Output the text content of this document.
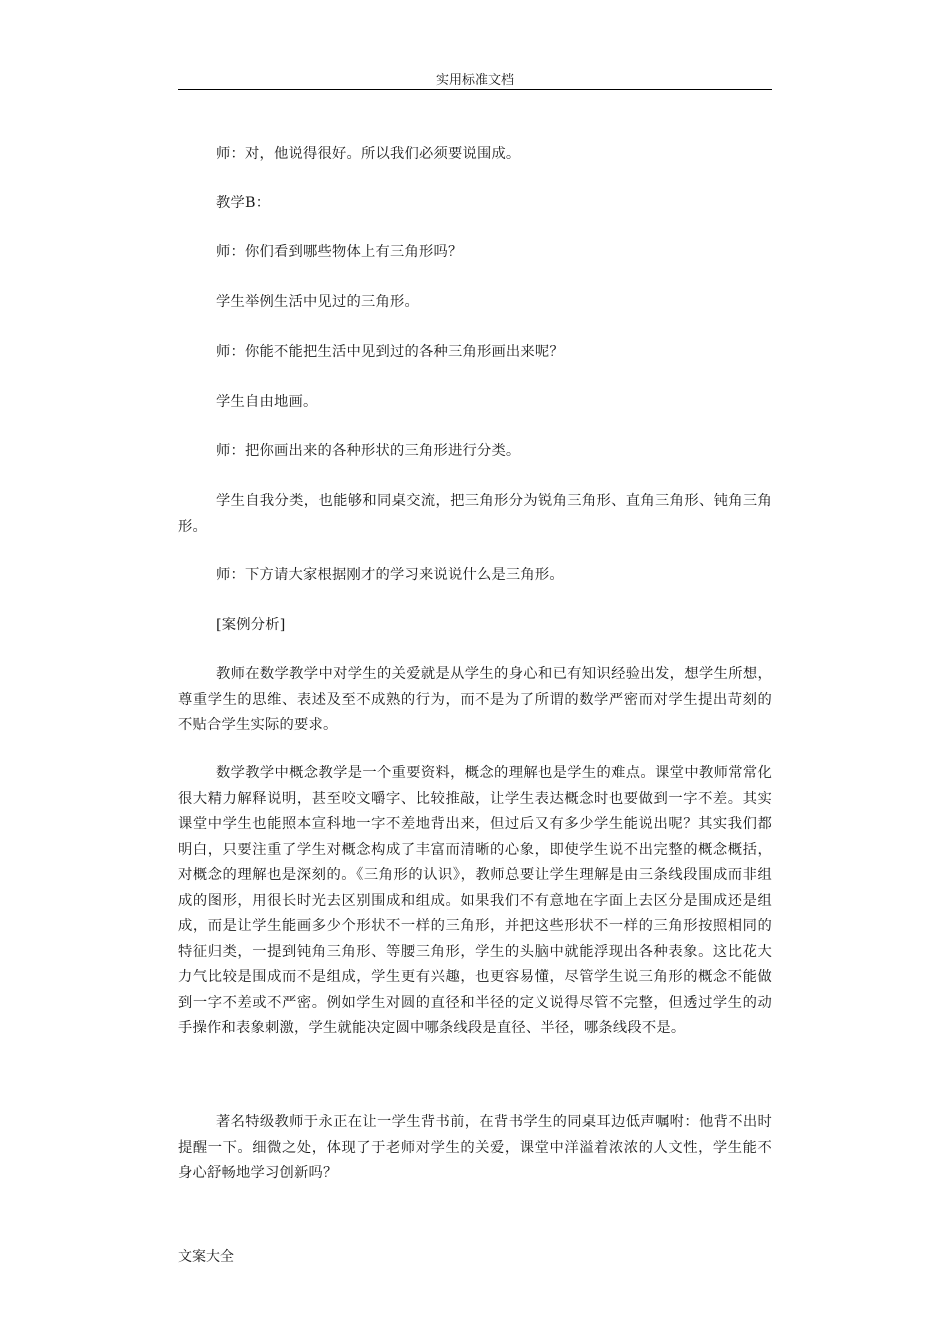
实用标准文档

师：对，他说得很好。所以我们必须要说围成。

教学B：

师：你们看到哪些物体上有三角形吗？

学生举例生活中见过的三角形。

师：你能不能把生活中见到过的各种三角形画出来呢？

学生自由地画。

师：把你画出来的各种形状的三角形进行分类。

学生自我分类，也能够和同桌交流，把三角形分为锐角三角形、直角三角形、钝角三角形。

师：下方请大家根据刚才的学习来说说什么是三角形。

[案例分析]

教师在数学教学中对学生的关爱就是从学生的身心和已有知识经验出发，想学生所想，尊重学生的思维、表述及至不成熟的行为，而不是为了所谓的数学严密而对学生提出苛刻的不贴合学生实际的要求。

数学教学中概念教学是一个重要资料，概念的理解也是学生的难点。课堂中教师常常化很大精力解释说明，甚至咬文嚼字、比较推敲，让学生表达概念时也要做到一字不差。其实课堂中学生也能照本宣科地一字不差地背出来，但过后又有多少学生能说出呢？其实我们都明白，只要注重了学生对概念构成了丰富而清晰的心象，即使学生说不出完整的概念概括，对概念的理解也是深刻的。《三角形的认识》，教师总要让学生理解是由三条线段围成而非组成的图形，用很长时光去区别围成和组成。如果我们不有意地在字面上去区分是围成还是组成，而是让学生能画多少个形状不一样的三角形，并把这些形状不一样的三角形按照相同的特征归类，一提到钝角三角形、等腰三角形，学生的头脑中就能浮现出各种表象。这比花大力气比较是围成而不是组成，学生更有兴趣，也更容易懂，尽管学生说三角形的概念不能做到一字不差或不严密。例如学生对圆的直径和半径的定义说得尽管不完整，但透过学生的动手操作和表象刺激，学生就能决定圆中哪条线段是直径、半径，哪条线段不是。

著名特级教师于永正在让一学生背书前，在背书学生的同桌耳边低声嘱咐：他背不出时提醒一下。细微之处，体现了于老师对学生的关爱，课堂中洋溢着浓浓的人文性，学生能不身心舒畅地学习创新吗？

文案大全
